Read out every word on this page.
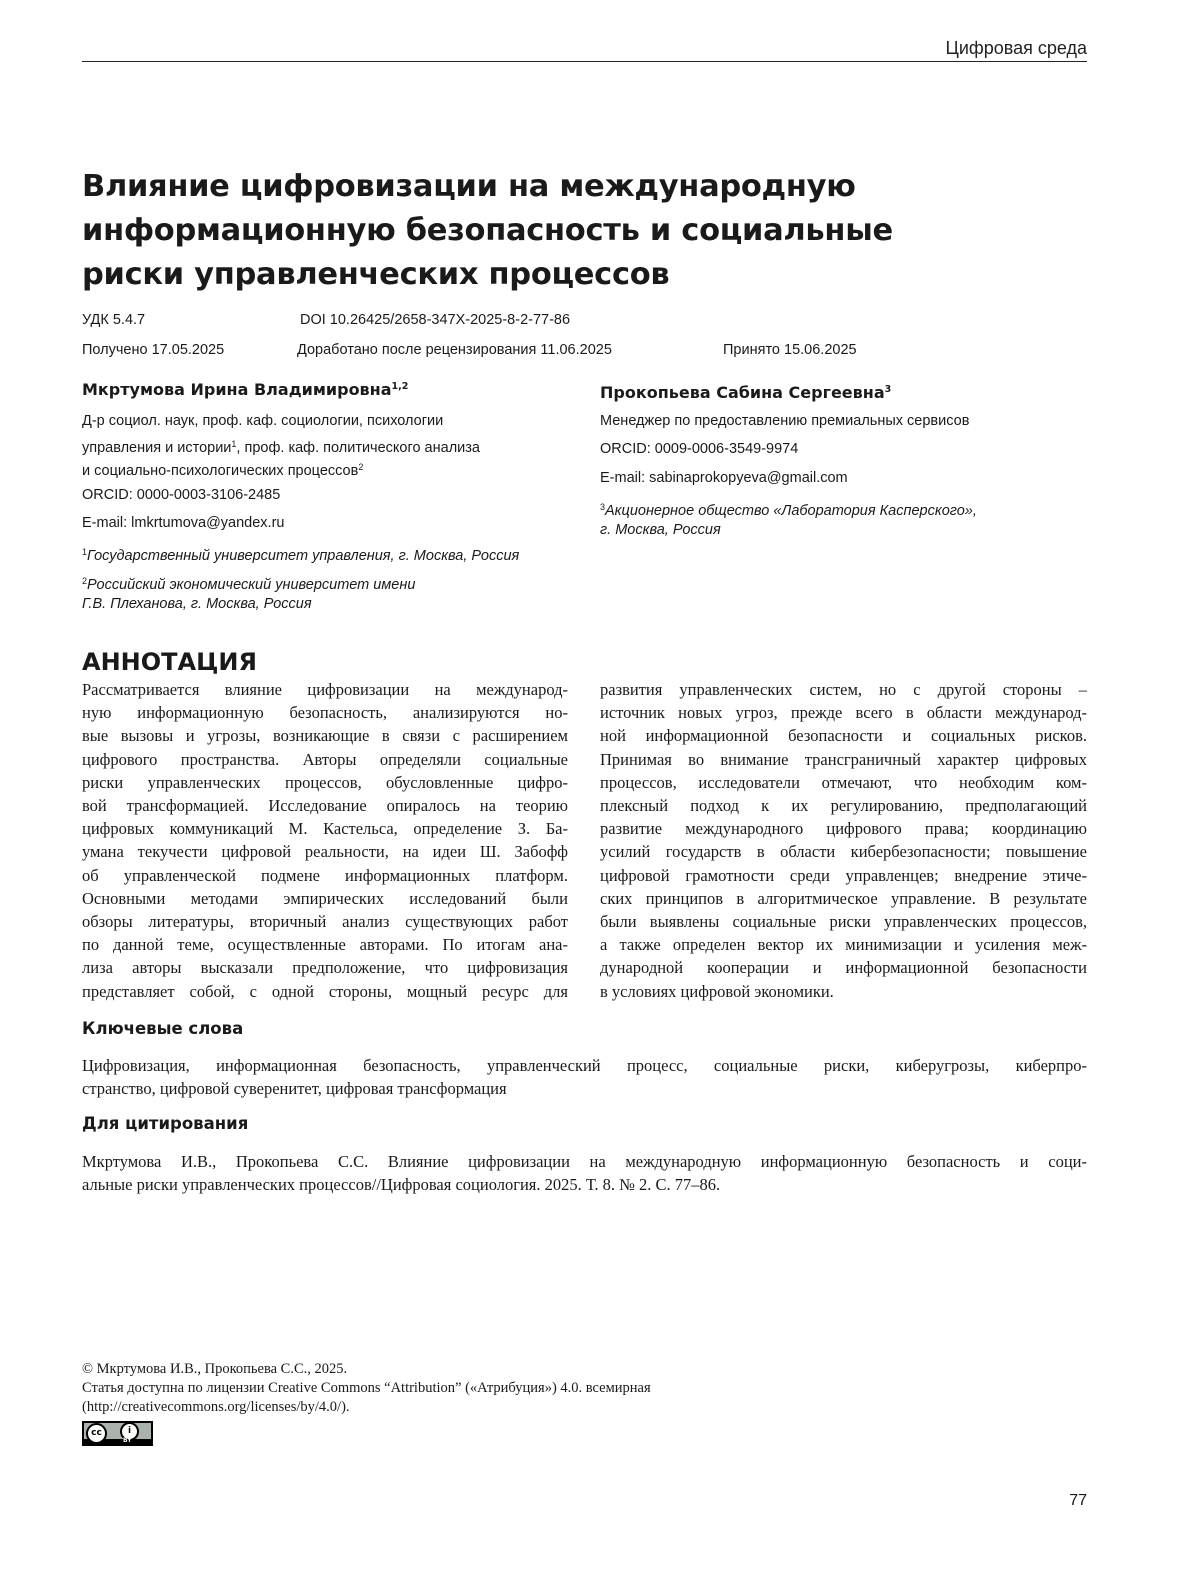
Цифровая среда
Влияние цифровизации на международную
информационную безопасность и социальные
риски управленческих процессов
УДК 5.4.7	DOI 10.26425/2658-347X-2025-8-2-77-86
Получено 17.05.2025	Доработано после рецензирования 11.06.2025	Принято 15.06.2025
Мкртумова Ирина Владимировна$^{1,2}$
Д-р социол. наук, проф. каф. социологии, психологии
управления и истории$^1$, проф. каф. политического анализа
и социально-психологических процессов$^2$
ORCID: 0000-0003-3106-2485
E-mail: lmkrtumova@yandex.ru
$^1$Государственный университет управления, г. Москва, Россия
$^2$Российский экономический университет имени
Г.В. Плеханова, г. Москва, Россия
Прокопьева Сабина Сергеевна$^3$
Менеджер по предоставлению премиальных сервисов
ORCID: 0009-0006-3549-9974
E-mail: sabinaprokopyeva@gmail.com
$^3$Акционерное общество «Лаборатория Касперского»,
г. Москва, Россия
АННОТАЦИЯ
Рассматривается влияние цифровизации на международ-
ную информационную безопасность, анализируются но-
вые вызовы и угрозы, возникающие в связи с расширением
цифрового пространства. Авторы определяли социальные
риски управленческих процессов, обусловленные цифро-
вой трансформацией. Исследование опиралось на теорию
цифровых коммуникаций М. Кастельса, определение З. Ба-
умана текучести цифровой реальности, на идеи Ш. Забофф
об управленческой подмене информационных платформ.
Основными методами эмпирических исследований были
обзоры литературы, вторичный анализ существующих работ
по данной теме, осуществленные авторами. По итогам ана-
лиза авторы высказали предположение, что цифровизация
представляет собой, с одной стороны, мощный ресурс для
развития управленческих систем, но с другой стороны –
источник новых угроз, прежде всего в области международ-
ной информационной безопасности и социальных рисков.
Принимая во внимание трансграничный характер цифровых
процессов, исследователи отмечают, что необходим ком-
плексный подход к их регулированию, предполагающий
развитие международного цифрового права; координацию
усилий государств в области кибербезопасности; повышение
цифровой грамотности среди управленцев; внедрение этиче-
ских принципов в алгоритмическое управление. В результате
были выявлены социальные риски управленческих процессов,
а также определен вектор их минимизации и усиления меж-
дународной кооперации и информационной безопасности
в условиях цифровой экономики.
Ключевые слова
Цифровизация, информационная безопасность, управленческий процесс, социальные риски, киберугрозы, киберпро-
странство, цифровой суверенитет, цифровая трансформация
Для цитирования
Мкртумова И.В., Прокопьева С.С. Влияние цифровизации на международную информационную безопасность и соци-
альные риски управленческих процессов//Цифровая социология. 2025. Т. 8. № 2. С. 77–86.
© Мкртумова И.В., Прокопьева С.С., 2025.
Статья доступна по лицензии Creative Commons “Attribution” («Атрибуция») 4.0. всемирная
(http://creativecommons.org/licenses/by/4.0/).
cc	i
BY
77
